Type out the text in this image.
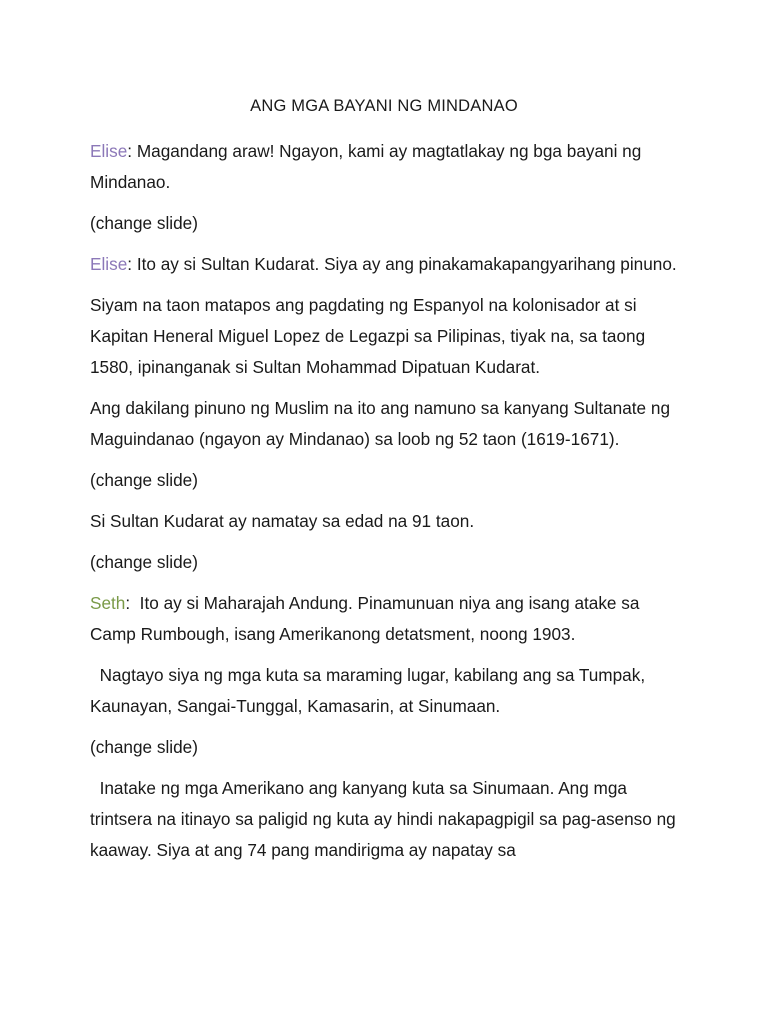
ANG MGA BAYANI NG MINDANAO

Elise: Magandang araw! Ngayon, kami ay magtatlakay ng bga bayani ng Mindanao.

(change slide)

Elise: Ito ay si Sultan Kudarat. Siya ay ang pinakamakapangyarihang pinuno.

Siyam na taon matapos ang pagdating ng Espanyol na kolonisador at si Kapitan Heneral Miguel Lopez de Legazpi sa Pilipinas, tiyak na, sa taong 1580, ipinanganak si Sultan Mohammad Dipatuan Kudarat.

Ang dakilang pinuno ng Muslim na ito ang namuno sa kanyang Sultanate ng Maguindanao (ngayon ay Mindanao) sa loob ng 52 taon (1619-1671).

(change slide)

Si Sultan Kudarat ay namatay sa edad na 91 taon.

(change slide)

Seth:  Ito ay si Maharajah Andung. Pinamunuan niya ang isang atake sa Camp Rumbough, isang Amerikanong detatsment, noong 1903.

Nagtayo siya ng mga kuta sa maraming lugar, kabilang ang sa Tumpak, Kaunayan, Sangai-Tunggal, Kamasarin, at Sinumaan.

(change slide)

Inatake ng mga Amerikano ang kanyang kuta sa Sinumaan. Ang mga trintsera na itinayo sa paligid ng kuta ay hindi nakapagpigil sa pag-asenso ng kaaway. Siya at ang 74 pang mandirigma ay napatay sa
